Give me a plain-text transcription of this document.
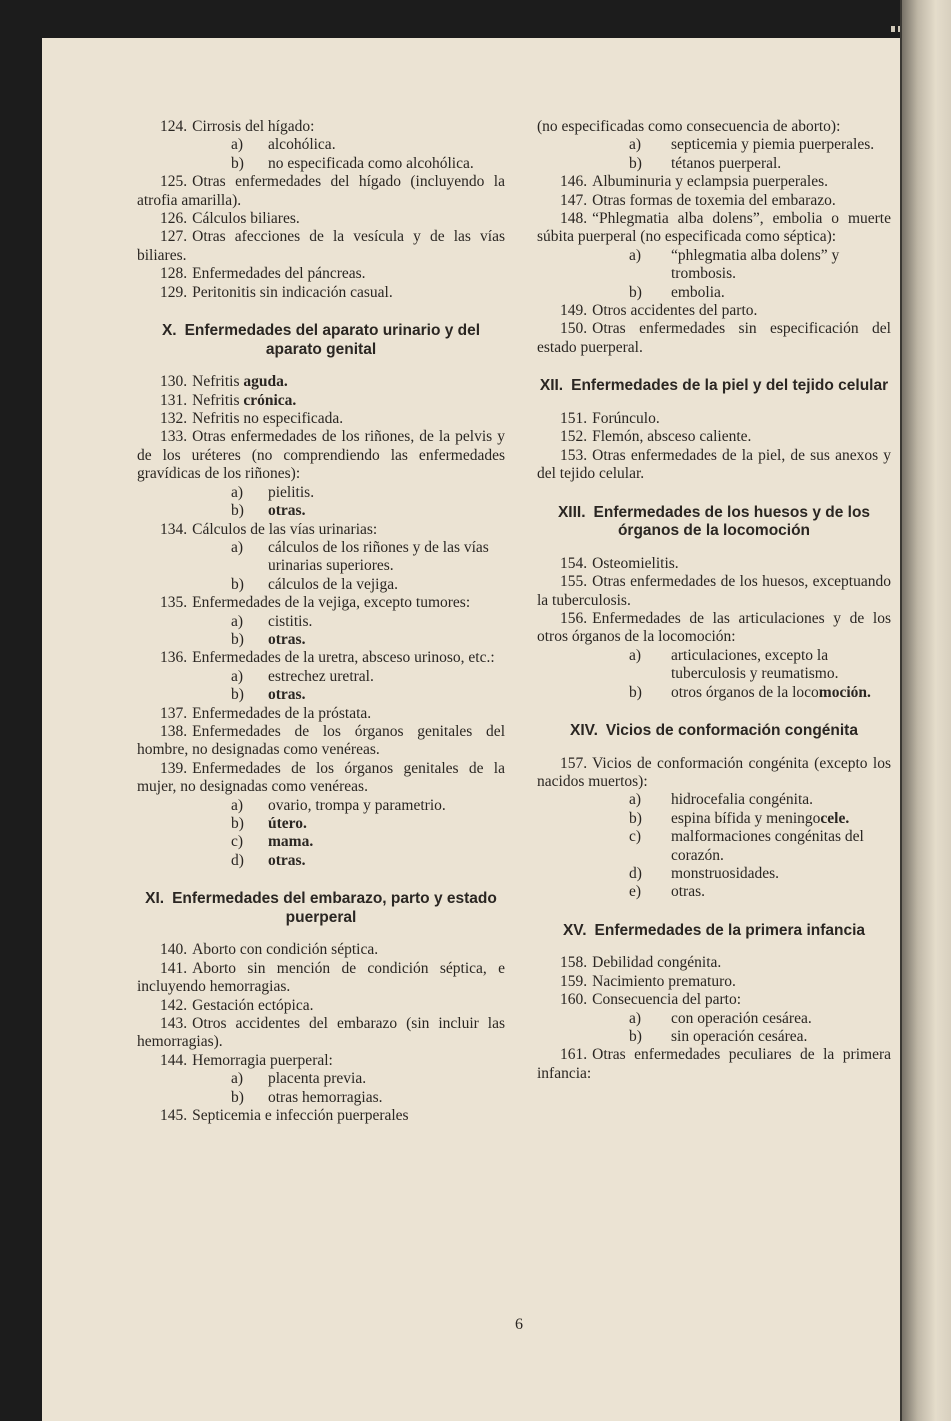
124. Cirrosis del hígado:
a) alcohólica.
b) no especificada como alcohólica.
125. Otras enfermedades del hígado (incluyendo la atrofia amarilla).
126. Cálculos biliares.
127. Otras afecciones de la vesícula y de las vías biliares.
128. Enfermedades del páncreas.
129. Peritonitis sin indicación casual.
X. Enfermedades del aparato urinario y del aparato genital
130. Nefritis aguda.
131. Nefritis crónica.
132. Nefritis no especificada.
133. Otras enfermedades de los riñones, de la pelvis y de los uréteres (no comprendiendo las enfermedades gravídicas de los riñones):
a) pielitis.
b) otras.
134. Cálculos de las vías urinarias:
a) cálculos de los riñones y de las vías urinarias superiores.
b) cálculos de la vejiga.
135. Enfermedades de la vejiga, excepto tumores:
a) cistitis.
b) otras.
136. Enfermedades de la uretra, absceso urinoso, etc.:
a) estrechez uretral.
b) otras.
137. Enfermedades de la próstata.
138. Enfermedades de los órganos genitales del hombre, no designadas como venéreas.
139. Enfermedades de los órganos genitales de la mujer, no designadas como venéreas.
a) ovario, trompa y parametrio.
b) útero.
c) mama.
d) otras.
XI. Enfermedades del embarazo, parto y estado puerperal
140. Aborto con condición séptica.
141. Aborto sin mención de condición séptica, e incluyendo hemorragias.
142. Gestación ectópica.
143. Otros accidentes del embarazo (sin incluir las hemorragias).
144. Hemorragia puerperal:
a) placenta previa.
b) otras hemorragias.
145. Septicemia e infección puerperales
(no especificadas como consecuencia de aborto):
a) septicemia y piemia puerperales.
b) tétanos puerperal.
146. Albuminuria y eclampsia puerperales.
147. Otras formas de toxemia del embarazo.
148. “Phlegmatia alba dolens”, embolia o muerte súbita puerperal (no especificada como séptica):
a) “phlegmatia alba dolens” y trombosis.
b) embolia.
149. Otros accidentes del parto.
150. Otras enfermedades sin especificación del estado puerperal.
XII. Enfermedades de la piel y del tejido celular
151. Forúnculo.
152. Flemón, absceso caliente.
153. Otras enfermedades de la piel, de sus anexos y del tejido celular.
XIII. Enfermedades de los huesos y de los órganos de la locomoción
154. Osteomielitis.
155. Otras enfermedades de los huesos, exceptuando la tuberculosis.
156. Enfermedades de las articulaciones y de los otros órganos de la locomoción:
a) articulaciones, excepto la tuberculosis y reumatismo.
b) otros órganos de la locomoción.
XIV. Vicios de conformación congénita
157. Vicios de conformación congénita (excepto los nacidos muertos):
a) hidrocefalia congénita.
b) espina bífida y meningocele.
c) malformaciones congénitas del corazón.
d) monstruosidades.
e) otras.
XV. Enfermedades de la primera infancia
158. Debilidad congénita.
159. Nacimiento prematuro.
160. Consecuencia del parto:
a) con operación cesárea.
b) sin operación cesárea.
161. Otras enfermedades peculiares de la primera infancia:
6
